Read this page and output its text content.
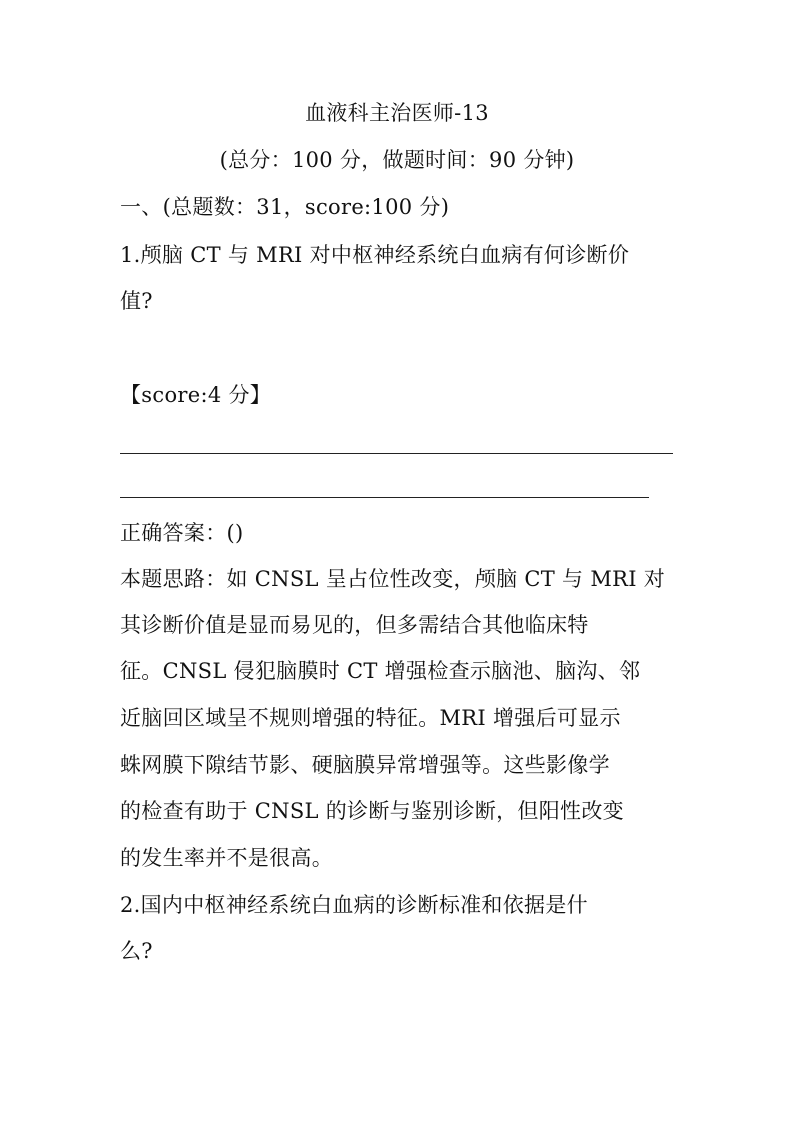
血液科主治医师-13
(总分：100 分，做题时间：90 分钟)
一、(总题数：31，score:100 分)
1.颅脑 CT 与 MRI 对中枢神经系统白血病有何诊断价
值?
【score:4 分】
正确答案：()
本题思路：如 CNSL 呈占位性改变，颅脑 CT 与 MRI 对
其诊断价值是显而易见的，但多需结合其他临床特
征。CNSL 侵犯脑膜时 CT 增强检查示脑池、脑沟、邻
近脑回区域呈不规则增强的特征。MRI 增强后可显示
蛛网膜下隙结节影、硬脑膜异常增强等。这些影像学
的检查有助于 CNSL 的诊断与鉴别诊断，但阳性改变
的发生率并不是很高。
2.国内中枢神经系统白血病的诊断标准和依据是什
么?
